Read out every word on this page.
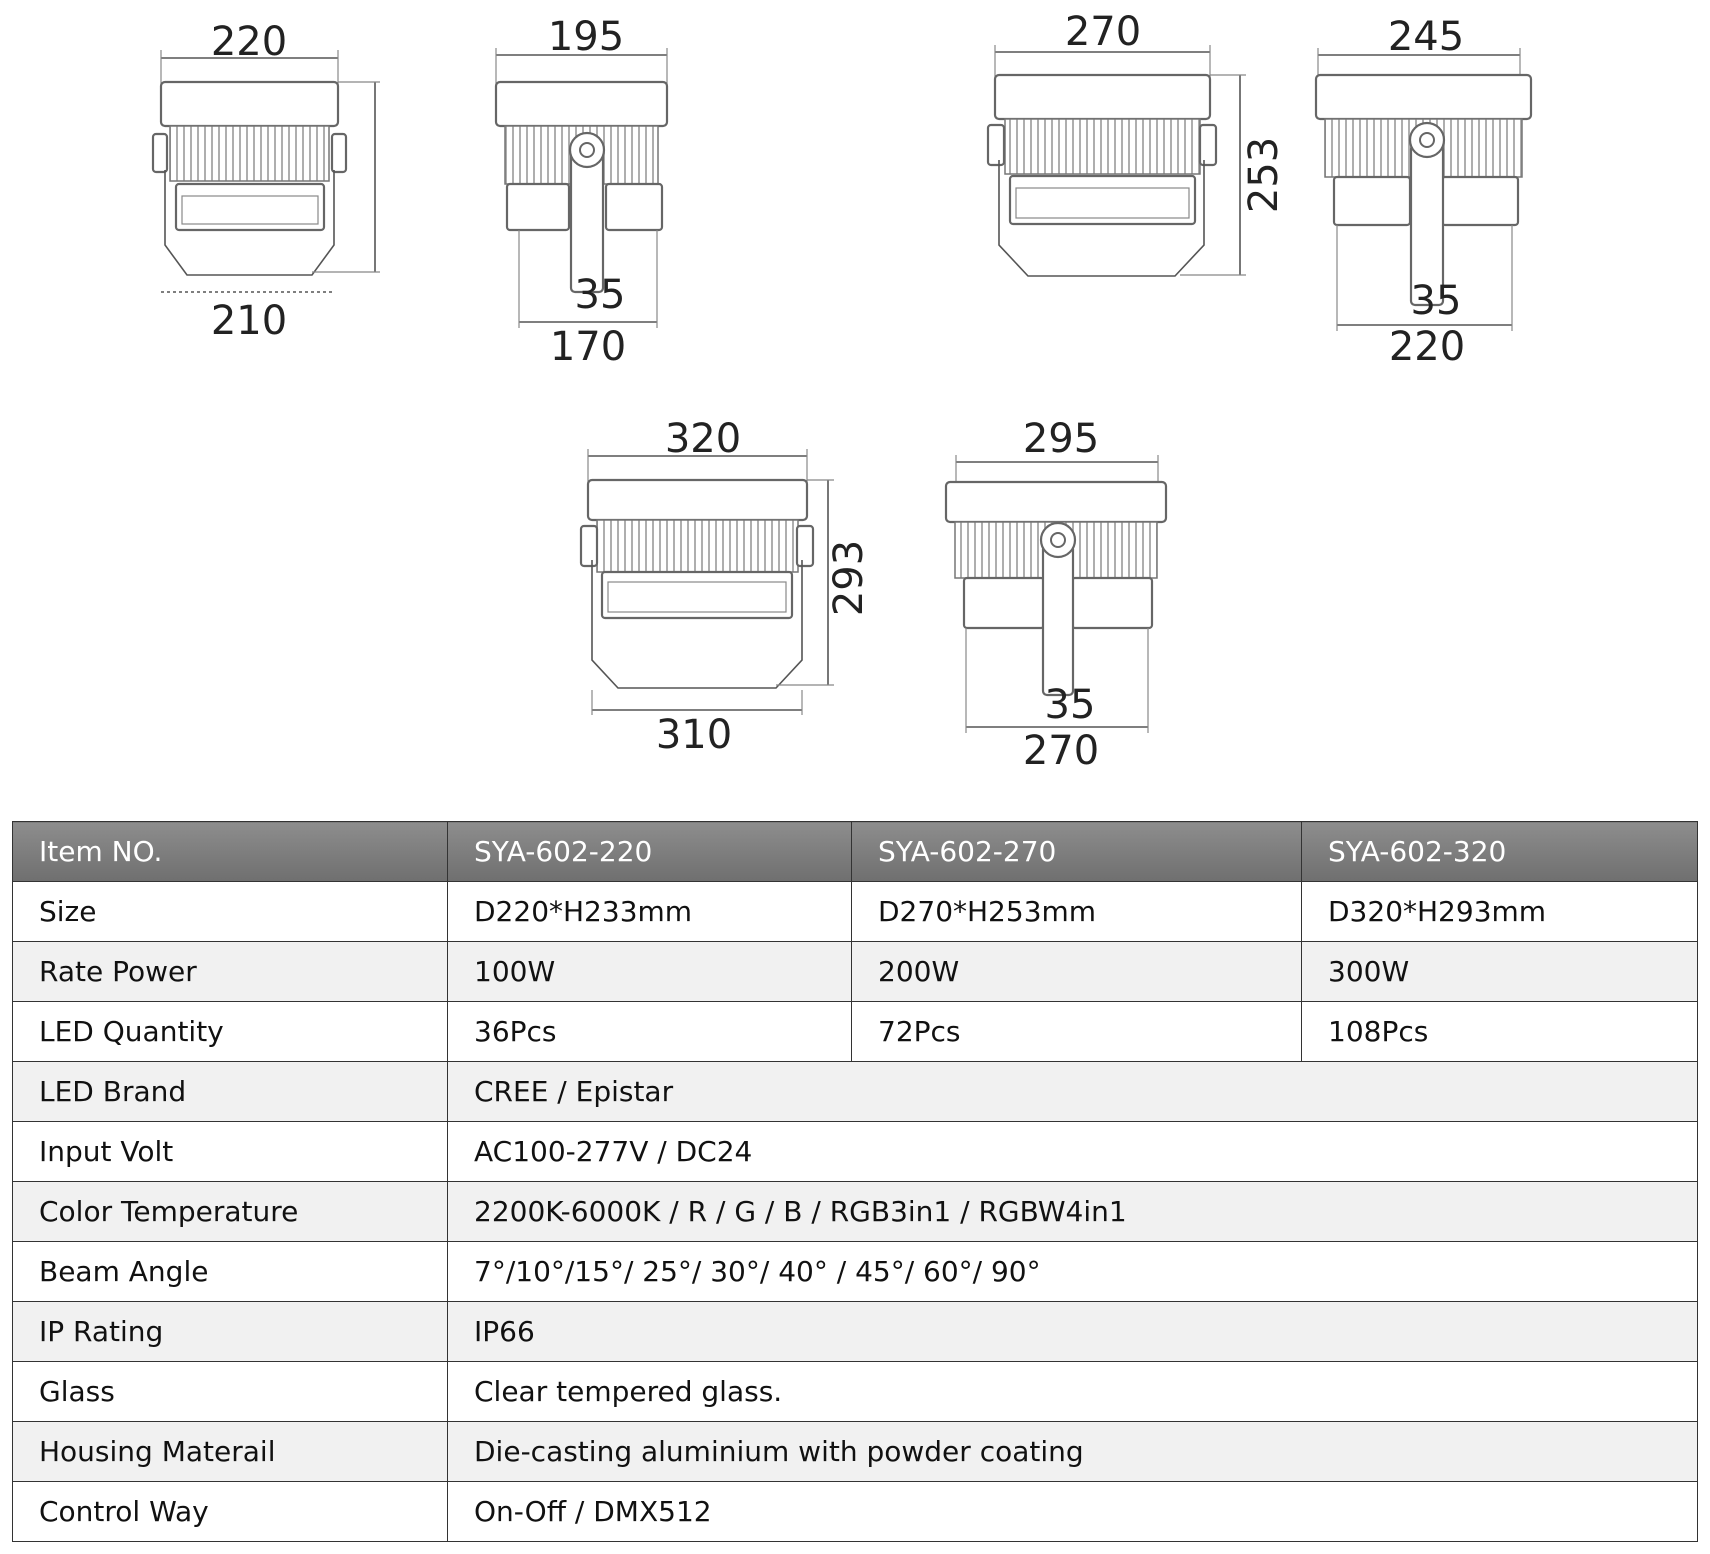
220
210
195
35
170
270
253
245
35
220
320
293
310
295
35
270
Item NO.	SYA-602-220	SYA-602-270	SYA-602-320
Size	D220*H233mm	D270*H253mm	D320*H293mm
Rate Power	100W	200W	300W
LED Quantity	36Pcs	72Pcs	108Pcs
LED Brand	CREE / Epistar		
Input Volt	AC100-277V / DC24		
Color Temperature	2200K-6000K / R / G / B / RGB3in1 / RGBW4in1		
Beam Angle	7°/10°/15°/ 25°/ 30°/ 40° / 45°/ 60°/ 90°		
IP Rating	IP66		
Glass	Clear tempered glass.		
Housing Materail	Die-casting aluminium with powder coating		
Control Way	On-Off / DMX512		
